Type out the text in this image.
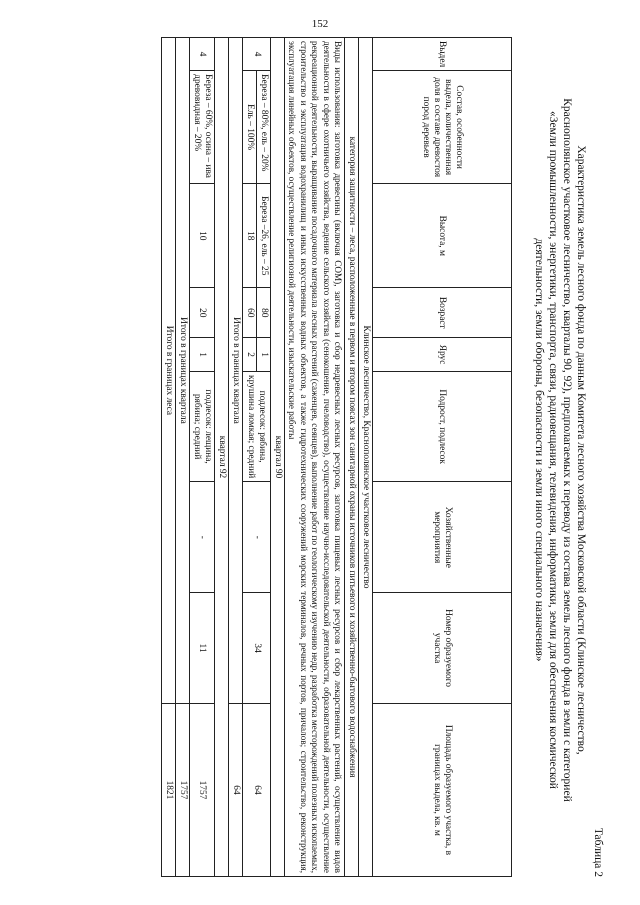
152
Таблица 2
Характеристика земель лесного фонда по данным Комитета лесного хозяйства Московской области (Клинское лесничество,
Краснополянское участковое лесничество, кварталы 90, 92), предполагаемых к переводу из состава земель лесного фонда в земли с категорией
«Земли промышленности, энергетики, транспорта, связи, радиовещания, телевидения, информатики, земли для обеспечения космической
деятельности, земли обороны, безопасности и земли иного специального назначения»
Выдел	Состав, особенности выдела, количественная доля в составе древостоя пород деревьев	Высота, м	Возраст	Ярус	Подрост, подлесок	Хозяйственные мероприятия	Номер образуемого участка	Площадь образуемого участка, в границах выдела, кв. м
Клинское лесничество, Краснополянское участковое лесничество								
категория защитности – леса, расположенные в первом и втором поясах зон санитарной охраны источников питьевого и хозяйственно-бытового водоснабжения								
Виды использования: заготовка древесины (включая СОМ), заготовка и сбор недревесных лесных ресурсов, заготовка пищевых лесных ресурсов и сбор лекарственных растений, осуществление видов деятельности в сфере охотничьего хозяйства, ведение сельского хозяйства (сенокошение, пчеловодство), осуществление научно-исследовательской деятельности, образовательной деятельности, осуществление рекреационной деятельности, выращивание посадочного материала лесных растений (саженцев, сеянцев), выполнение работ по геологическому изучению недр, разработка месторождений полезных ископаемых, строительство и эксплуатация водохранилищ и иных искусственных водных объектов, а также гидротехнических сооружений морских терминалов, речных портов, причалов; строительство, реконструкция, эксплуатация линейных объектов, осуществление религиозной деятельности, изыскательские работы								
квартал 90								
4	Береза – 80%, ель – 20%	Береза –26, ель – 25	80	1	подлесок: рябина, крушина ломкая; средний	-	34	64
	Ель – 100%	18	60	2				
Итого в границах квартала								64
квартал 92								
4	Береза – 60%, осина – ива древовидная – 20%	10	20	1	подлесок: лещина, рябина; средний	-	11	1757
Итого в границах квартала								1757
Итого в границах леса								1821
